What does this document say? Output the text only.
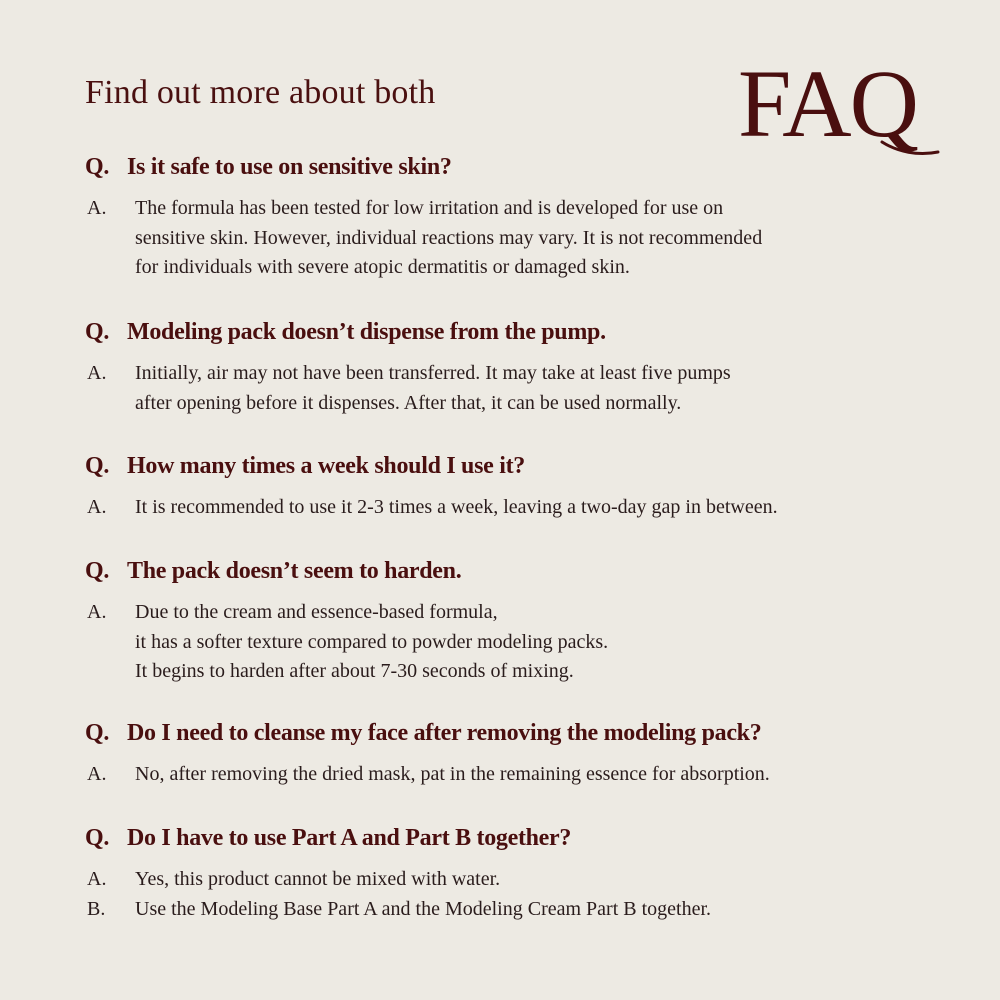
Find out more about both	FAQ
Q. Is it safe to use on sensitive skin?
A.	The formula has been tested for low irritation and is developed for use on
sensitive skin. However, individual reactions may vary. It is not recommended
for individuals with severe atopic dermatitis or damaged skin.
Q. Modeling pack doesn’t dispense from the pump.
A.	Initially, air may not have been transferred. It may take at least five pumps
after opening before it dispenses. After that, it can be used normally.
Q. How many times a week should I use it?
A.	It is recommended to use it 2-3 times a week, leaving a two-day gap in between.
Q. The pack doesn’t seem to harden.
A.	Due to the cream and essence-based formula,
it has a softer texture compared to powder modeling packs.
It begins to harden after about 7-30 seconds of mixing.
Q. Do I need to cleanse my face after removing the modeling pack?
A.	No, after removing the dried mask, pat in the remaining essence for absorption.
Q. Do I have to use Part A and Part B together?
A.	Yes, this product cannot be mixed with water.
B.	Use the Modeling Base Part A and the Modeling Cream Part B together.
